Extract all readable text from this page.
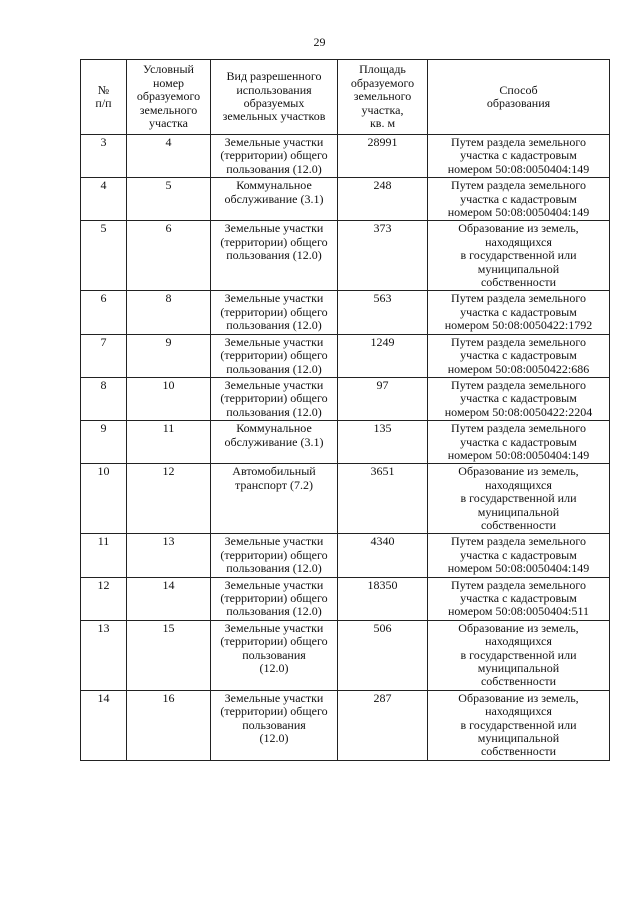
29
№
п/п	Условный
номер
образуемого
земельного
участка	Вид разрешенного
использования
образуемых
земельных участков	Площадь
образуемого
земельного
участка,
кв. м	Способ
образования
3	4	Земельные участки
(территории) общего
пользования (12.0)	28991	Путем раздела земельного
участка с кадастровым
номером 50:08:0050404:149
4	5	Коммунальное
обслуживание (3.1)	248	Путем раздела земельного
участка с кадастровым
номером 50:08:0050404:149
5	6	Земельные участки
(территории) общего
пользования (12.0)	373	Образование из земель,
находящихся
в государственной или
муниципальной
собственности
6	8	Земельные участки
(территории) общего
пользования (12.0)	563	Путем раздела земельного
участка с кадастровым
номером 50:08:0050422:1792
7	9	Земельные участки
(территории) общего
пользования (12.0)	1249	Путем раздела земельного
участка с кадастровым
номером 50:08:0050422:686
8	10	Земельные участки
(территории) общего
пользования (12.0)	97	Путем раздела земельного
участка с кадастровым
номером 50:08:0050422:2204
9	11	Коммунальное
обслуживание (3.1)	135	Путем раздела земельного
участка с кадастровым
номером 50:08:0050404:149
10	12	Автомобильный
транспорт (7.2)	3651	Образование из земель,
находящихся
в государственной или
муниципальной
собственности
11	13	Земельные участки
(территории) общего
пользования (12.0)	4340	Путем раздела земельного
участка с кадастровым
номером 50:08:0050404:149
12	14	Земельные участки
(территории) общего
пользования (12.0)	18350	Путем раздела земельного
участка с кадастровым
номером 50:08:0050404:511
13	15	Земельные участки
(территории) общего
пользования
(12.0)	506	Образование из земель,
находящихся
в государственной или
муниципальной
собственности
14	16	Земельные участки
(территории) общего
пользования
(12.0)	287	Образование из земель,
находящихся
в государственной или
муниципальной
собственности
